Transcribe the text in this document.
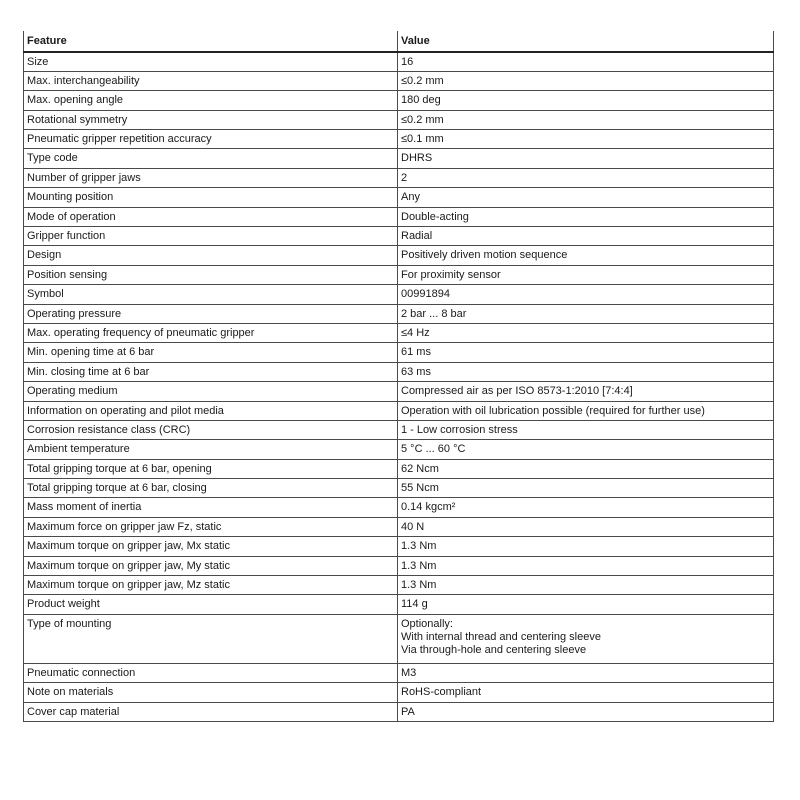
Feature	Value
Size	16
Max. interchangeability	≤0.2 mm
Max. opening angle	180 deg
Rotational symmetry	≤0.2 mm
Pneumatic gripper repetition accuracy	≤0.1 mm
Type code	DHRS
Number of gripper jaws	2
Mounting position	Any
Mode of operation	Double-acting
Gripper function	Radial
Design	Positively driven motion sequence
Position sensing	For proximity sensor
Symbol	00991894
Operating pressure	2 bar ... 8 bar
Max. operating frequency of pneumatic gripper	≤4 Hz
Min. opening time at 6 bar	61 ms
Min. closing time at 6 bar	63 ms
Operating medium	Compressed air as per ISO 8573-1:2010 [7:4:4]
Information on operating and pilot media	Operation with oil lubrication possible (required for further use)
Corrosion resistance class (CRC)	1 - Low corrosion stress
Ambient temperature	5 °C ... 60 °C
Total gripping torque at 6 bar, opening	62 Ncm
Total gripping torque at 6 bar, closing	55 Ncm
Mass moment of inertia	0.14 kgcm²
Maximum force on gripper jaw Fz, static	40 N
Maximum torque on gripper jaw, Mx static	1.3 Nm
Maximum torque on gripper jaw, My static	1.3 Nm
Maximum torque on gripper jaw, Mz static	1.3 Nm
Product weight	114 g
Type of mounting	Optionally:
With internal thread and centering sleeve
Via through-hole and centering sleeve
Pneumatic connection	M3
Note on materials	RoHS-compliant
Cover cap material	PA
